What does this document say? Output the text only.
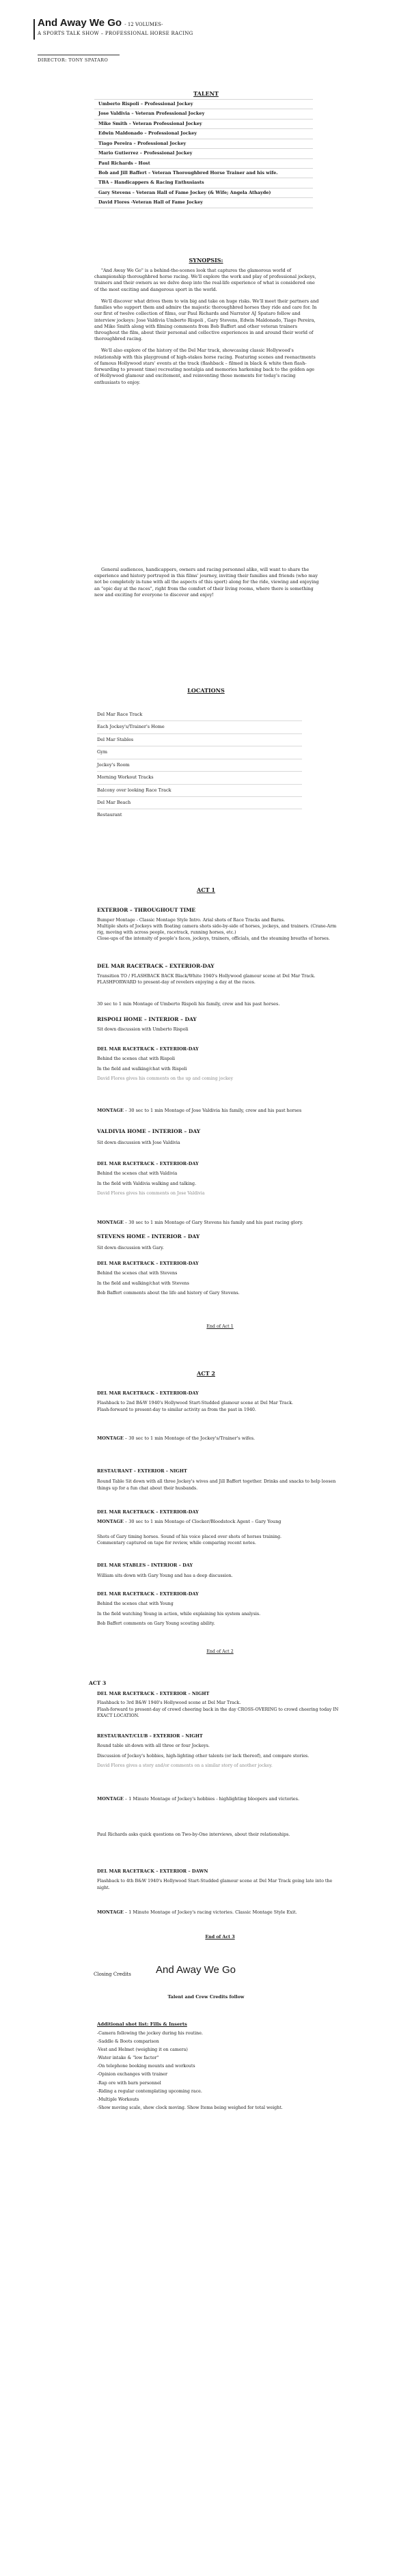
And Away We Go - 12 VOLUMES-
A SPORTS TALK SHOW – PROFESSIONAL HORSE RACING
DIRECTOR: TONY SPATARO
TALENT
Umberto Rispoli – Professional Jockey
Jose Valdivia – Veteran Professional Jockey
Mike Smith – Veteran Professional Jockey
Edwin Maldonado – Professional Jockey
Tiago Pereira – Professional Jockey
Mario Gutierrez – Professional Jockey
Paul Richards – Host
Bob and Jill Baffert – Veteran Thoroughbred Horse Trainer and his wife.
TBA – Handicappers & Racing Enthusiasts
Gary Stevens – Veteran Hall of Fame Jockey (& Wife; Angela Athayde)
David Flores -Veteran Hall of Fame Jockey
SYNOPSIS:

"And Away We Go" is a behind-the-scenes look that captures the glamorous world of championship thoroughbred horse racing. We'll explore the work and play of professional jockeys, trainers and their owners as we delve deep into the real-life experience of what is considered one of the most exciting and dangerous sport in the world.

We'll discover what drives them to win big and take on huge risks. We'll meet their partners and families who support them and admire the majestic thoroughbred horses they ride and care for. In our first of twelve collection of films, our Paul Richards and Narrator AJ Spataro follow and interview jockeys: Jose Valdivia Umberto Rispoli , Gary Stevens, Edwin Maldonado, Tiago Pereira, and Mike Smith along with filming comments from Bob Baffert and other veteran trainers throughout the film, about their personal and collective experiences in and around their world of thoroughbred racing.

We'll also explore of the history of the Del Mar track, showcasing classic Hollywood's relationship with this playground of high-stakes horse racing. Featuring scenes and reenactments of famous Hollywood stars' events at the track (flashback – filmed in black & white then flash-forwarding to present time) recreating nostalgia and memories harkening back to the golden age of Hollywood glamour and excitement, and reinventing those moments for today's racing enthusiasts to enjoy.

General audiences, handicappers, owners and racing personnel alike, will want to share the experience and history portrayed in this films' journey, inviting their families and friends (who may not be completely in-tune with all the aspects of this sport) along for the ride, viewing and enjoying an "epic day at the races", right from the comfort of their living rooms, where there is something new and exciting for everyone to discover and enjoy!

LOCATIONS
Del Mar Race Track
Each Jockey's/Trainer's Home
Del Mar Stables
Gym
Jockey's Room
Morning Workout Tracks
Balcony over looking Race Track
Del Mar Beach
Restaurant
ACT 1

EXTERIOR – THROUGHOUT TIME

Bumper Montage - Classic Montage Style Intro. Arial shots of Race Tracks and Barns.

Multiple shots of Jockeys with floating camera shots side-by-side of horses, jockeys, and trainers. (Crane-Arm rig, moving with across people, racetrack, running horses, etc.)

Close-ups of the intensity of people's faces, jockeys, trainers, officials, and the steaming breaths of horses.

DEL MAR RACETRACK – EXTERIOR-DAY

Transition TO / FLASHBACK BACK Black/White 1940's Hollywood glamour scene at Del Mar Track. FLASHFORWARD to present-day of revelers enjoying a day at the races.

30 sec to 1 min Montage of Umberto Rispoli his family, crew and his past horses.

RISPOLI HOME – INTERIOR – DAY

Sit down discussion with Umberto Rispoli

DEL MAR RACETRACK – EXTERIOR-DAY

Behind the scenes chat with Rispoli

In the field and walking/chat with Rispoli

David Flores gives his comments on the up and coming jockey

MONTAGE – 30 sec to 1 min Montage of Jose Valdivia his family, crew and his past horses

VALDIVIA HOME – INTERIOR – DAY

Sit down discussion with Jose Valdivia

DEL MAR RACETRACK – EXTERIOR-DAY

Behind the scenes chat with Valdivia

In the field with Valdivia walking and talking.

David Flores gives his comments on Jose Valdivia

MONTAGE – 30 sec to 1 min Montage of Gary Stevens his family and his past racing glory.

STEVENS HOME – INTERIOR – DAY

Sit down discussion with Gary.

DEL MAR RACETRACK – EXTERIOR-DAY

Behind the scenes chat with Stevens

In the field and walking/chat with Stevens

Bob Baffert comments about the life and history of Gary Stevens.

End of Act 1

ACT 2

DEL MAR RACETRACK – EXTERIOR-DAY

Flashback to 2nd B&W 1940's Hollywood Start-Studded glamour scene at Del Mar Track.

Flash-forward to present-day to similar activity as from the past in 1940.

MONTAGE – 30 sec to 1 min Montage of the Jockey's/Trainer's wifes.

RESTAURANT – EXTERIOR – NIGHT

Round Table Sit down with all three Jockey's wives and Jill Baffert together. Drinks and snacks to help loosen things up for a fun chat about their husbands.

DEL MAR RACETRACK – EXTERIOR-DAY

MONTAGE – 30 sec to 1 min Montage of Clocker/Bloodstock Agent – Gary Young

Shots of Gary timing horses. Sound of his voice placed over shots of horses training.

Commentary captured on tape for review, while comparing recent notes.

DEL MAR STABLES – INTERIOR – DAY

William sits down with Gary Young and has a deep discussion.

DEL MAR RACETRACK – EXTERIOR-DAY

Behind the scenes chat with Young

In the field watching Young in action, while explaining his system analysis.

Bob Baffert comments on Gary Young scouting ability.

End of Act 2

ACT 3

DEL MAR RACETRACK – EXTERIOR – NIGHT

Flashback to 3rd B&W 1940's Hollywood scene at Del Mar Track.

Flash-forward to present-day of crowd cheering back in the day CROSS-OVERING to crowd cheering today IN EXACT LOCATION.

RESTAURANT/CLUB – EXTERIOR – NIGHT

Round table sit-down with all three or four Jockeys.

Discussion of Jockey's hobbies, high-lighting other talents (or lack thereof), and compare stories.

David Flores gives a story and/or comments on a similar story of another jockey.

MONTAGE – 1 Minute Montage of Jockey's hobbies - highlighting bloopers and victories.

Paul Richards asks quick questions on Two-by-One interviews, about their relationships.

DEL MAR RACETRACK – EXTERIOR – DAWN

Flashback to 4th B&W 1940's Hollywood Start-Studded glamour scene at Del Mar Track going late into the night.

MONTAGE – 1 Minute Montage of Jockey's racing victories. Classic Montage Style Exit.

End of Act 3

Closing Credits And Away We Go
Talent and Crew Credits follow
Additional shot list: Fills & Inserts

-Camera following the jockey during his routine.

-Saddle & Boots comparison

-Vest and Helmet (weighing it on camera)

-Water intake & "low factor"

-On telephone booking mounts and workouts

-Opinion exchanges with trainer

-Rap ore with barn personnel

-Riding a regular contemplating upcoming race.

-Multiple Workouts

-Show moving scale, show clock moving. Show Items being weighed for total weight.
